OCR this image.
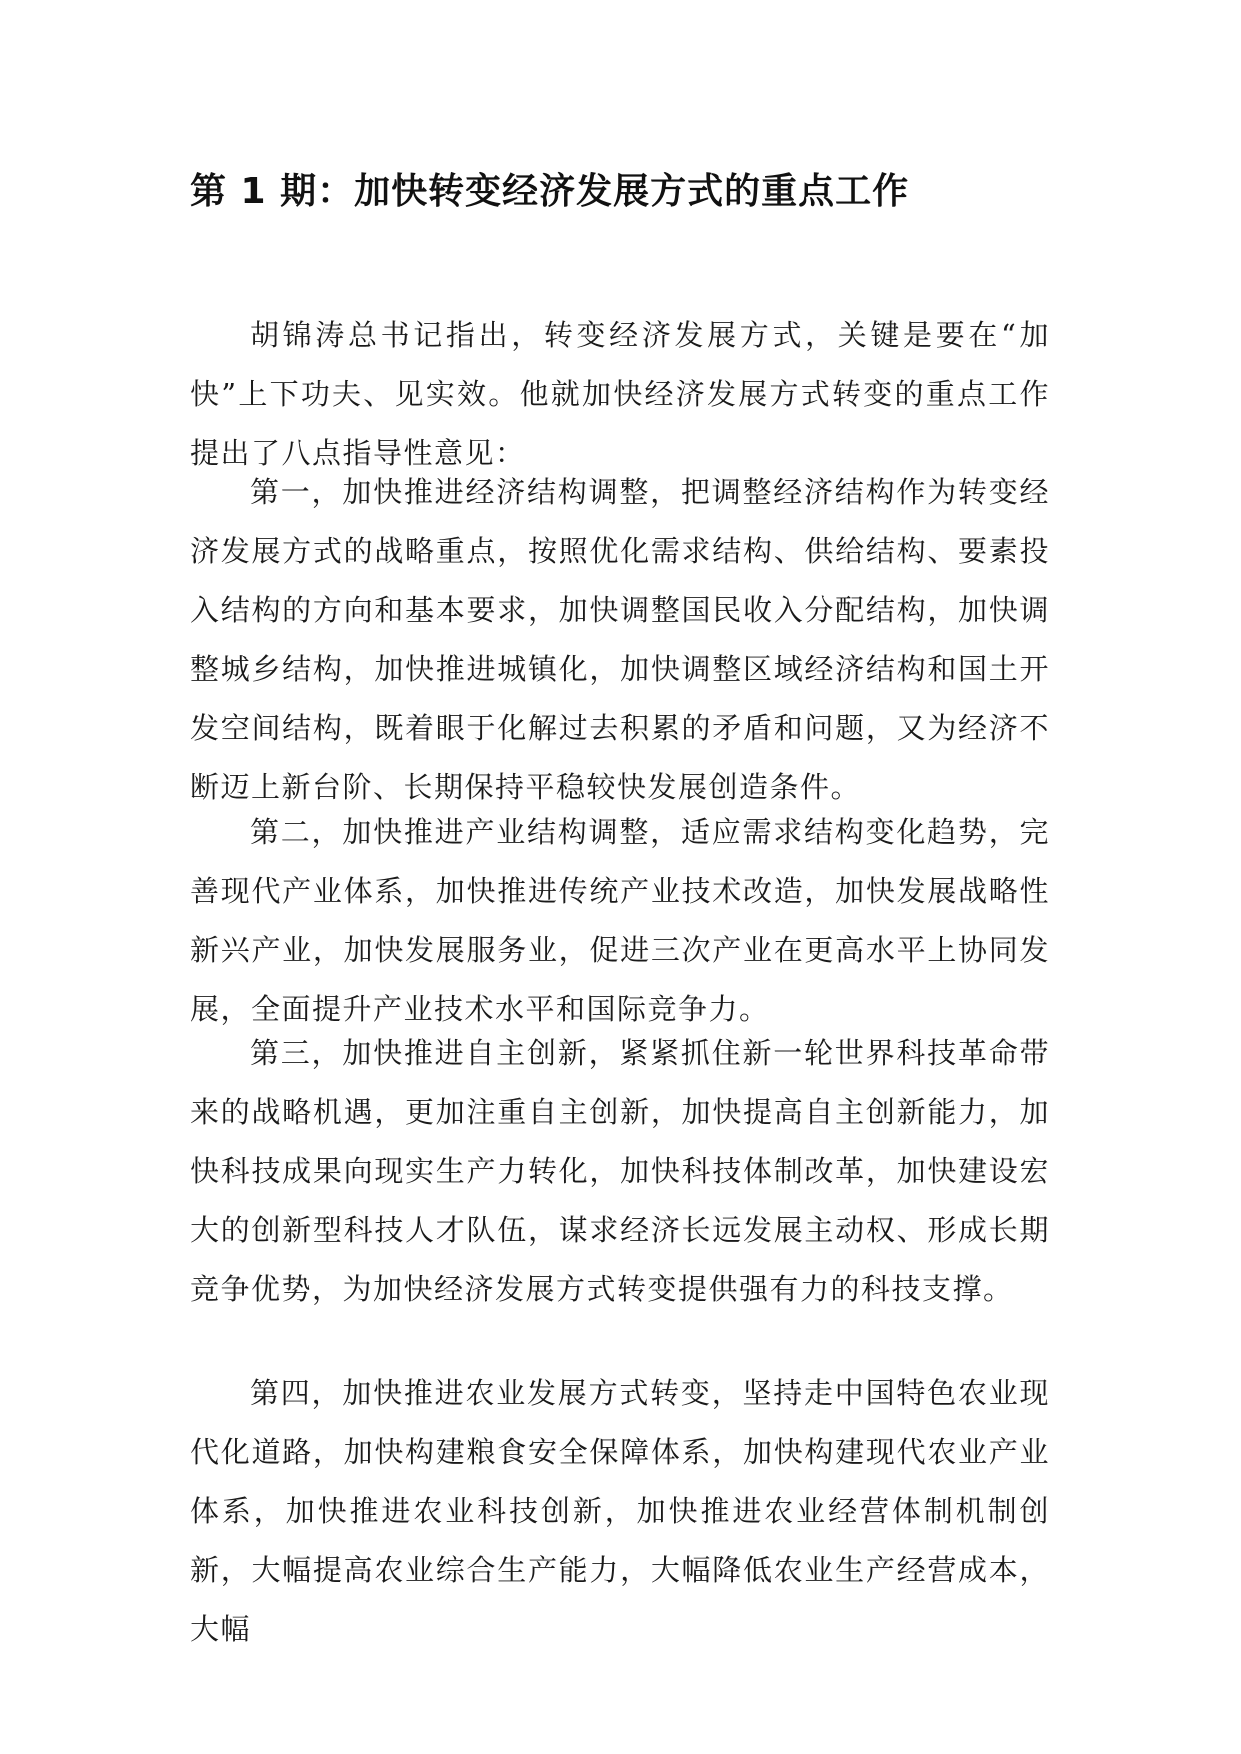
第 1 期：加快转变经济发展方式的重点工作

胡锦涛总书记指出，转变经济发展方式，关键是要在“加快”上下功夫、见实效。他就加快经济发展方式转变的重点工作提出了八点指导性意见：

第一，加快推进经济结构调整，把调整经济结构作为转变经济发展方式的战略重点，按照优化需求结构、供给结构、要素投入结构的方向和基本要求，加快调整国民收入分配结构，加快调整城乡结构，加快推进城镇化，加快调整区域经济结构和国土开发空间结构，既着眼于化解过去积累的矛盾和问题，又为经济不断迈上新台阶、长期保持平稳较快发展创造条件。

第二，加快推进产业结构调整，适应需求结构变化趋势，完善现代产业体系，加快推进传统产业技术改造，加快发展战略性新兴产业，加快发展服务业，促进三次产业在更高水平上协同发展，全面提升产业技术水平和国际竞争力。

第三，加快推进自主创新，紧紧抓住新一轮世界科技革命带来的战略机遇，更加注重自主创新，加快提高自主创新能力，加快科技成果向现实生产力转化，加快科技体制改革，加快建设宏大的创新型科技人才队伍，谋求经济长远发展主动权、形成长期竞争优势，为加快经济发展方式转变提供强有力的科技支撑。

第四，加快推进农业发展方式转变，坚持走中国特色农业现代化道路，加快构建粮食安全保障体系，加快构建现代农业产业体系，加快推进农业科技创新，加快推进农业经营体制机制创新，大幅提高农业综合生产能力，大幅降低农业生产经营成本，大幅
